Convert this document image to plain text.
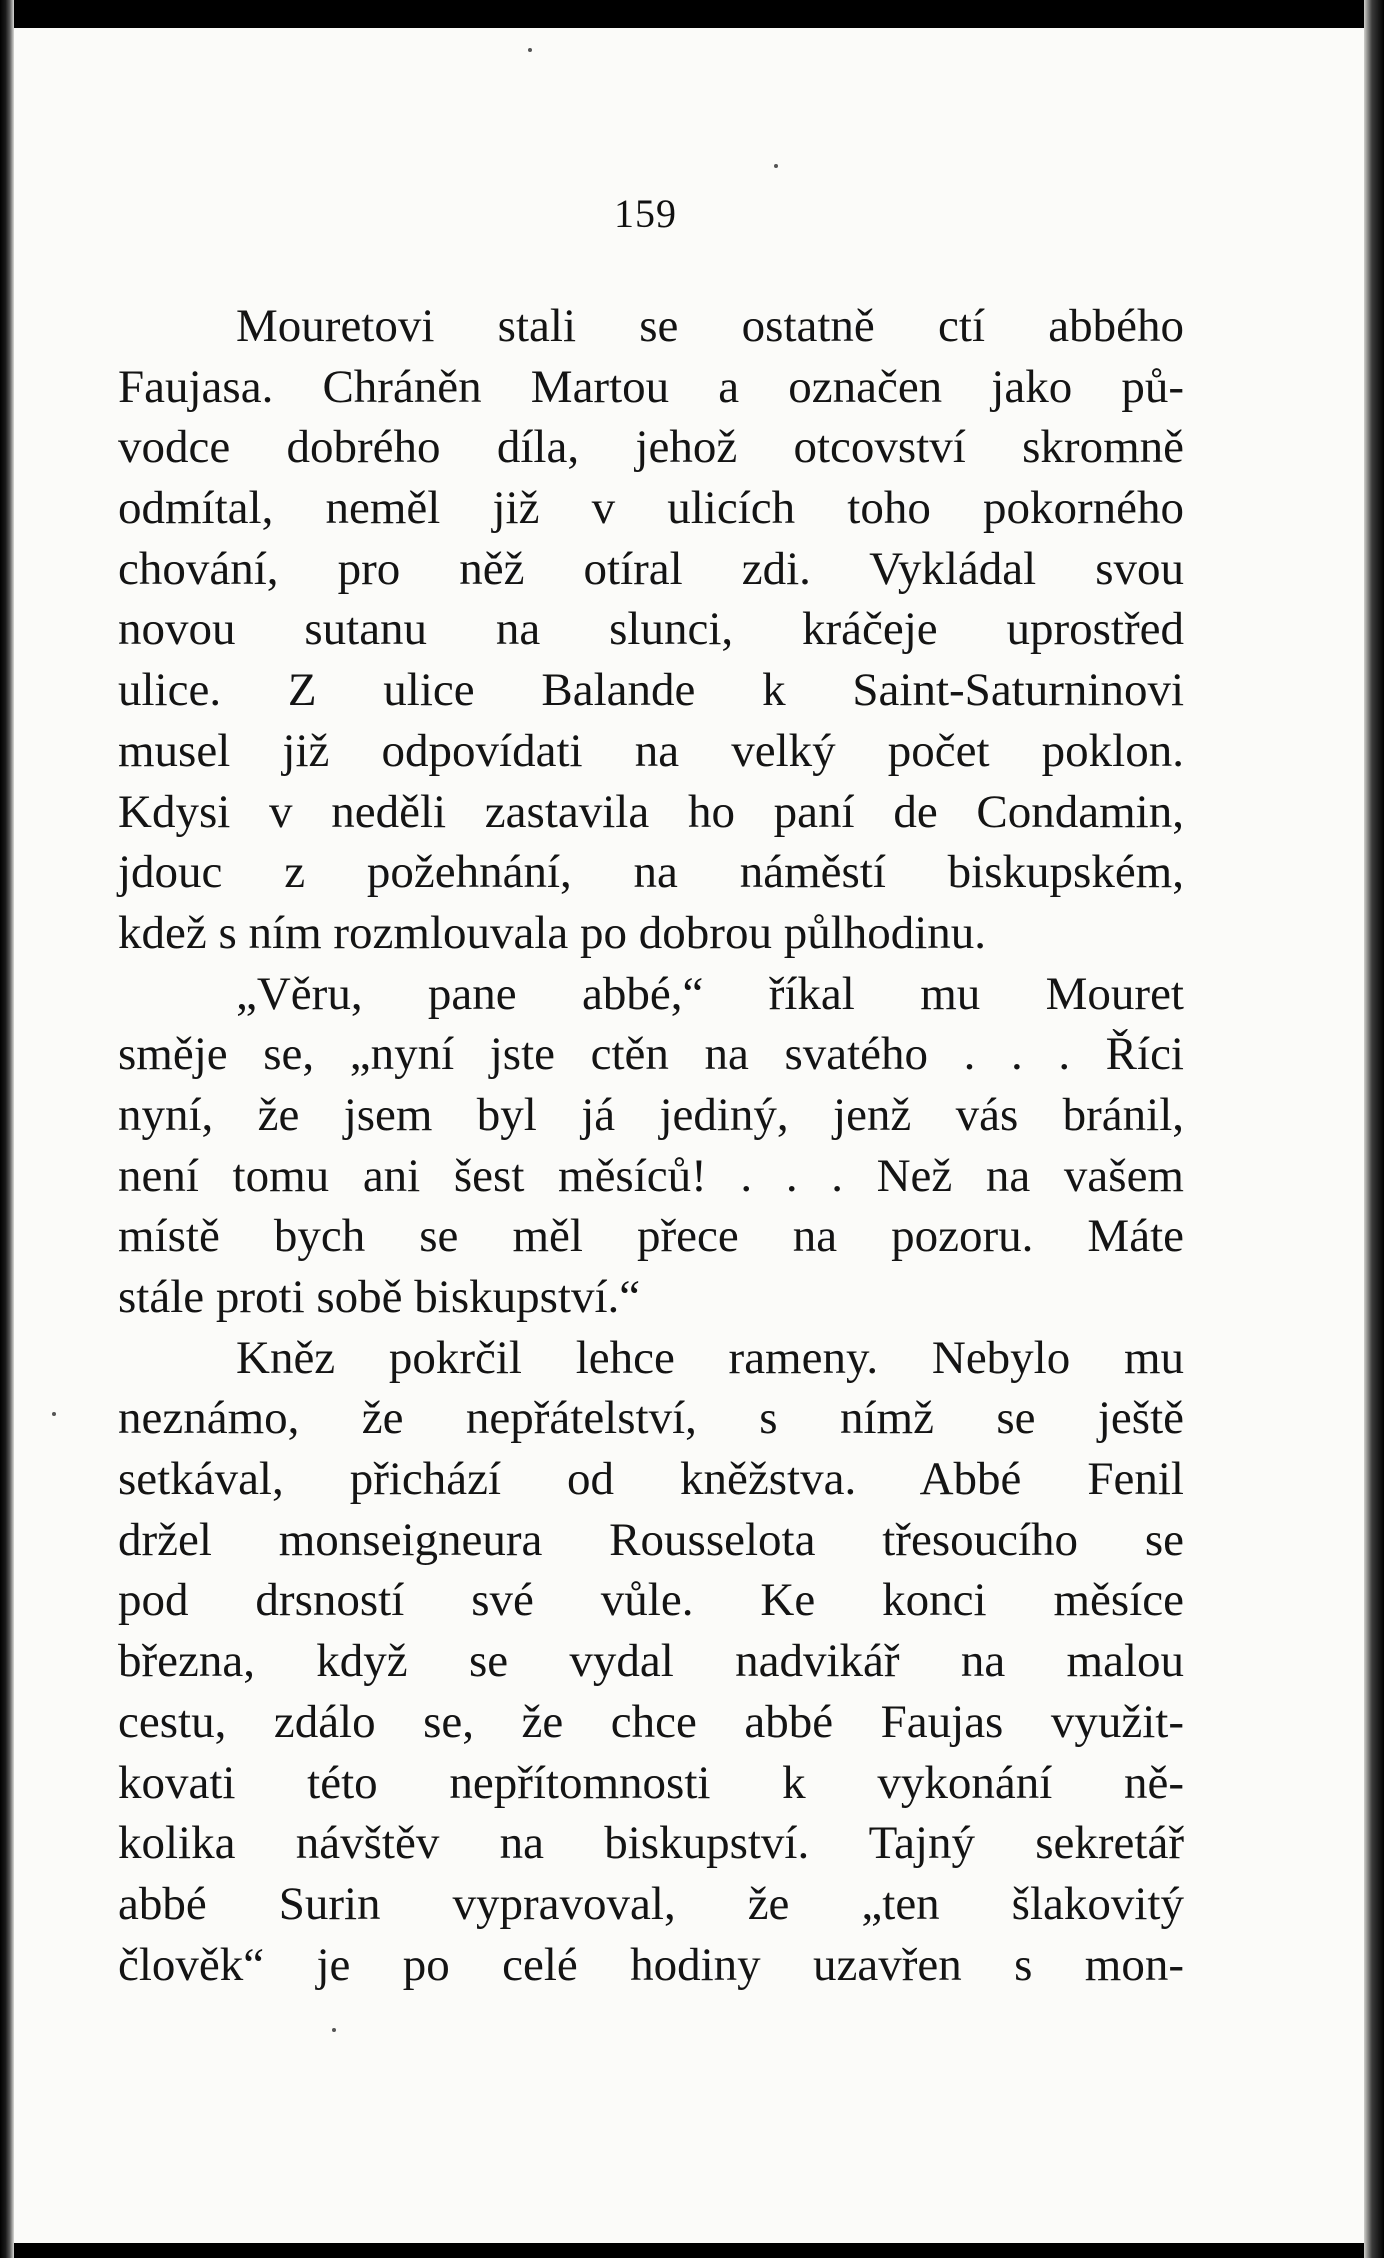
159
Mouretovi stali se ostatně ctí abbého
Faujasa. Chráněn Martou a označen jako pů-
vodce dobrého díla, jehož otcovství skromně
odmítal, neměl již v ulicích toho pokorného
chování, pro něž otíral zdi. Vykládal svou
novou sutanu na slunci, kráčeje uprostřed
ulice. Z ulice Balande k Saint-Saturninovi
musel již odpovídati na velký počet poklon.
Kdysi v neděli zastavila ho paní de Condamin,
jdouc z požehnání, na náměstí biskupském,
kdež s ním rozmlouvala po dobrou půlhodinu.
„Věru, pane abbé,“ říkal mu Mouret
směje se, „nyní jste ctěn na svatého . . . Říci
nyní, že jsem byl já jediný, jenž vás bránil,
není tomu ani šest měsíců! . . . Než na vašem
místě bych se měl přece na pozoru. Máte
stále proti sobě biskupství.“
Kněz pokrčil lehce rameny. Nebylo mu
neznámo, že nepřátelství, s nímž se ještě
setkával, přichází od kněžstva. Abbé Fenil
držel monseigneura Rousselota třesoucího se
pod drsností své vůle. Ke konci měsíce
března, když se vydal nadvikář na malou
cestu, zdálo se, že chce abbé Faujas využit-
kovati této nepřítomnosti k vykonání ně-
kolika návštěv na biskupství. Tajný sekretář
abbé Surin vypravoval, že „ten šlakovitý
člověk“ je po celé hodiny uzavřen s mon-
